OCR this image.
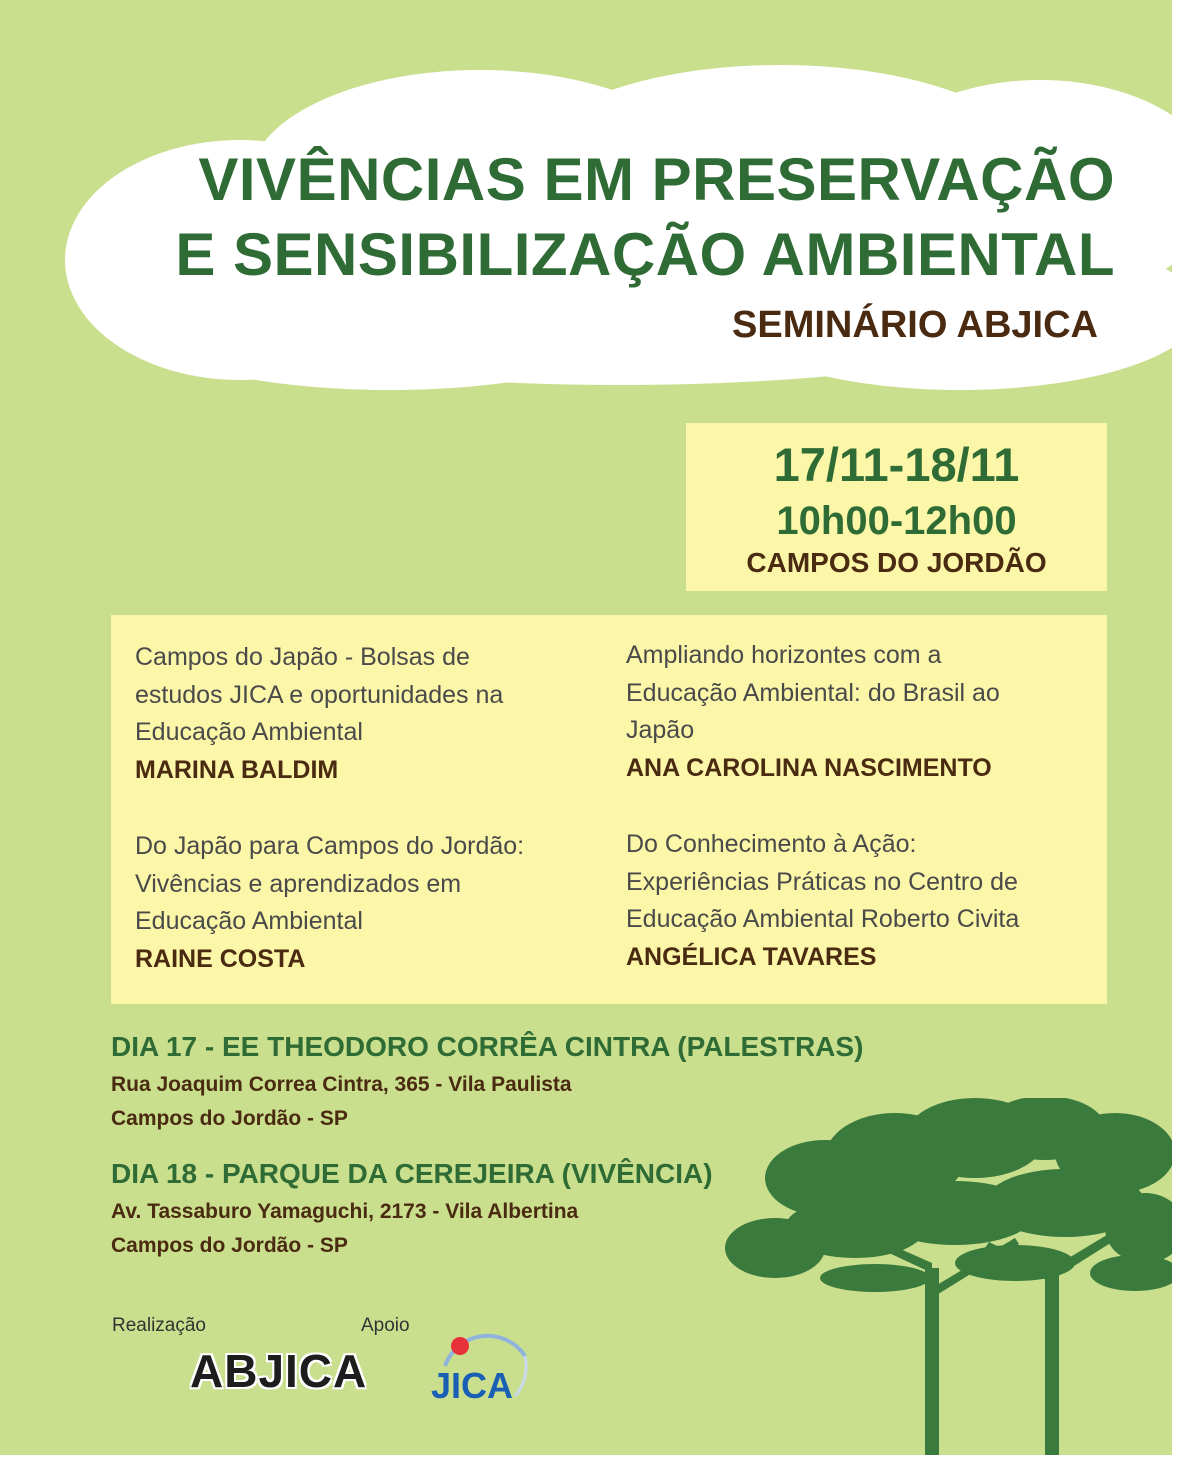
VIVÊNCIAS EM PRESERVAÇÃO
E SENSIBILIZAÇÃO AMBIENTAL
SEMINÁRIO ABJICA
17/11-18/11
10h00-12h00
CAMPOS DO JORDÃO
Campos do Japão - Bolsas de
estudos JICA e oportunidades na
Educação Ambiental
MARINA BALDIM
Ampliando horizontes com a
Educação Ambiental: do Brasil ao
Japão
ANA CAROLINA NASCIMENTO
Do Japão para Campos do Jordão:
Vivências e aprendizados em
Educação Ambiental
RAINE COSTA
Do Conhecimento à Ação:
Experiências Práticas no Centro de
Educação Ambiental Roberto Civita
ANGÉLICA TAVARES
DIA 17 - EE THEODORO CORRÊA CINTRA (PALESTRAS)
Rua Joaquim Correa Cintra, 365 - Vila Paulista
Campos do Jordão - SP
DIA 18 - PARQUE DA CEREJEIRA (VIVÊNCIA)
Av. Tassaburo Yamaguchi, 2173 - Vila Albertina
Campos do Jordão - SP
Realização	Apoio
ABJICA JICA
